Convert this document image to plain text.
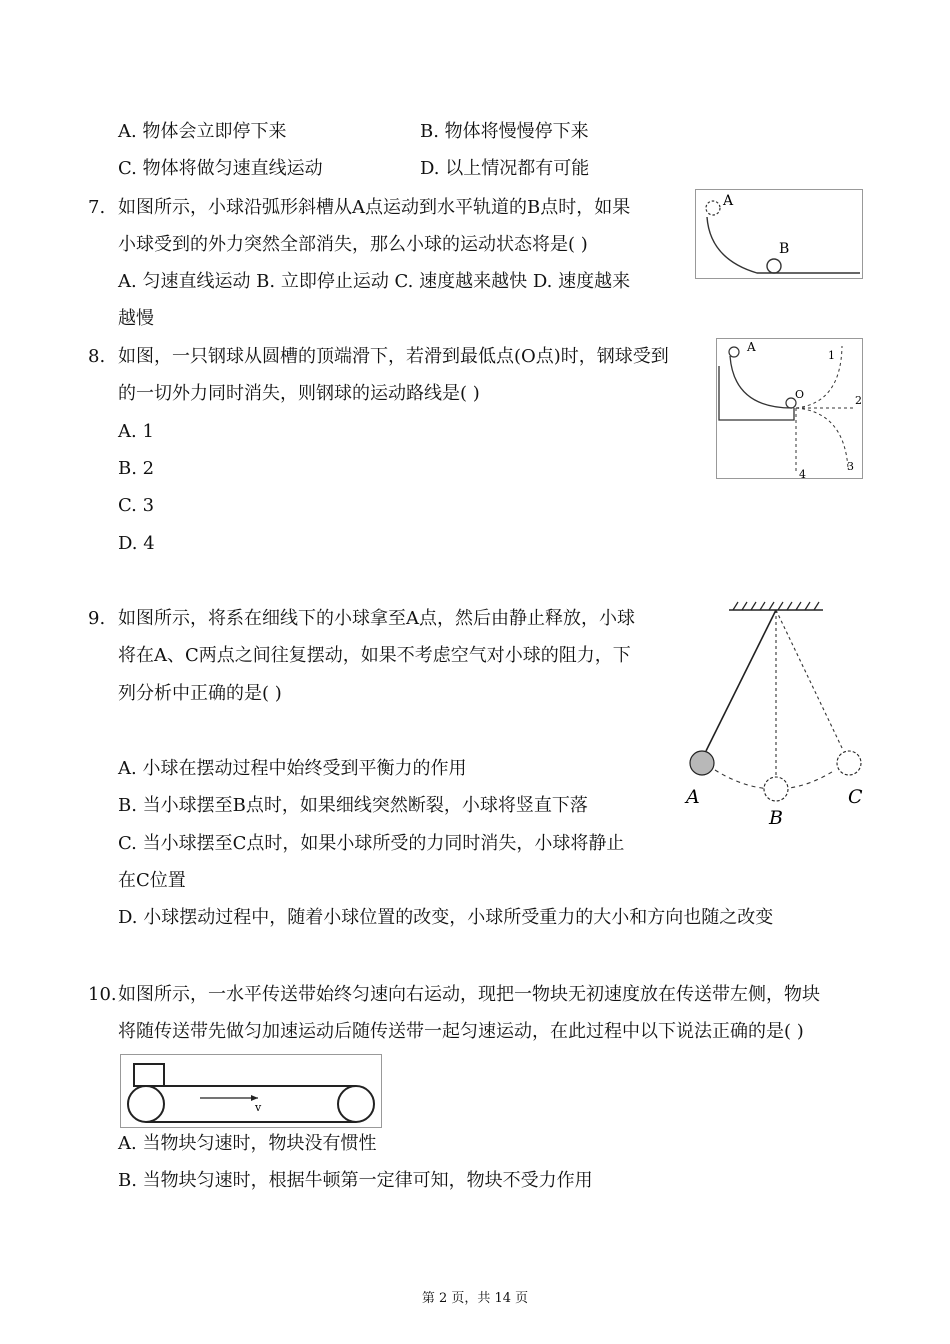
A. 物体会立即停下来	B. 物体将慢慢停下来
C. 物体将做匀速直线运动	D. 以上情况都有可能
7. 如图所示，小球沿弧形斜槽从A点运动到水平轨道的B点时，如果
小球受到的外力突然全部消失，那么小球的运动状态将是( )
A. 匀速直线运动 B. 立即停止运动 C. 速度越来越快 D. 速度越来
越慢
A
B
8. 如图，一只钢球从圆槽的顶端滑下，若滑到最低点(O点)时，钢球受到
的一切外力同时消失，则钢球的运动路线是( )
A. 1
B. 2
C. 3
D. 4
A
O
1
2
3
4
9. 如图所示，将系在细线下的小球拿至A点，然后由静止释放，小球
将在A、C两点之间往复摆动，如果不考虑空气对小球的阻力，下
列分析中正确的是( )
A. 小球在摆动过程中始终受到平衡力的作用
B. 当小球摆至B点时，如果细线突然断裂，小球将竖直下落
C. 当小球摆至C点时，如果小球所受的力同时消失，小球将静止
在C位置
D. 小球摆动过程中，随着小球位置的改变，小球所受重力的大小和方向也随之改变
A
B
C
10. 如图所示，一水平传送带始终匀速向右运动，现把一物块无初速度放在传送带左侧，物块
将随传送带先做匀加速运动后随传送带一起匀速运动，在此过程中以下说法正确的是( )
v
A. 当物块匀速时，物块没有惯性
B. 当物块匀速时，根据牛顿第一定律可知，物块不受力作用
第 2 页，共 14 页
